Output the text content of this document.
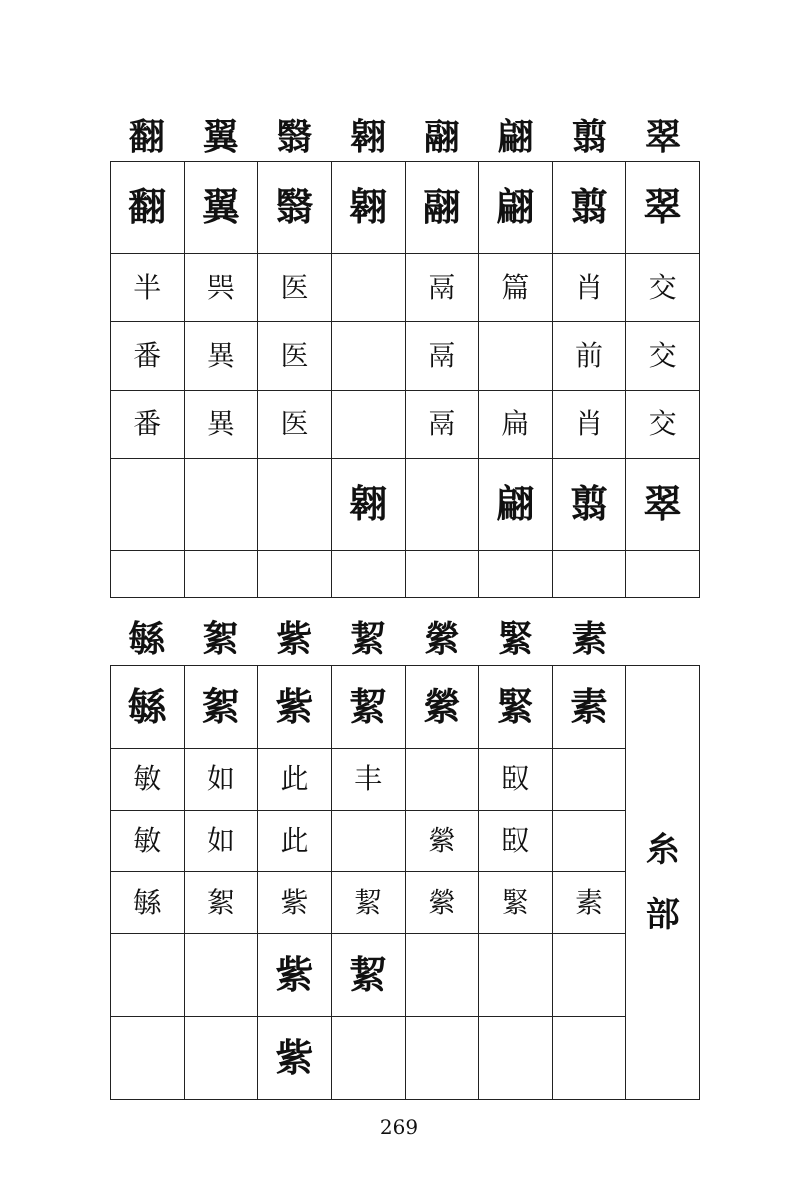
翻	翼	翳	翱	翮	翩	翦	翠
翻	翼	翳	翱	翮	翩	翦	翠
半	巺	医		鬲	篇	肖	交
番	異	医		鬲		前	交
番	異	医		鬲	扁	肖	交
			翱		翩	翦	翠

緐	絮	紫	絜	縈	緊	素
緐	絮	紫	絜	縈	緊	素	糸
部

敏	如	此	丰		臤		
敏	如	此		縈	臤		
緐	絮	紫	絜	縈	緊	素	
		紫	絜				
		紫					
269
